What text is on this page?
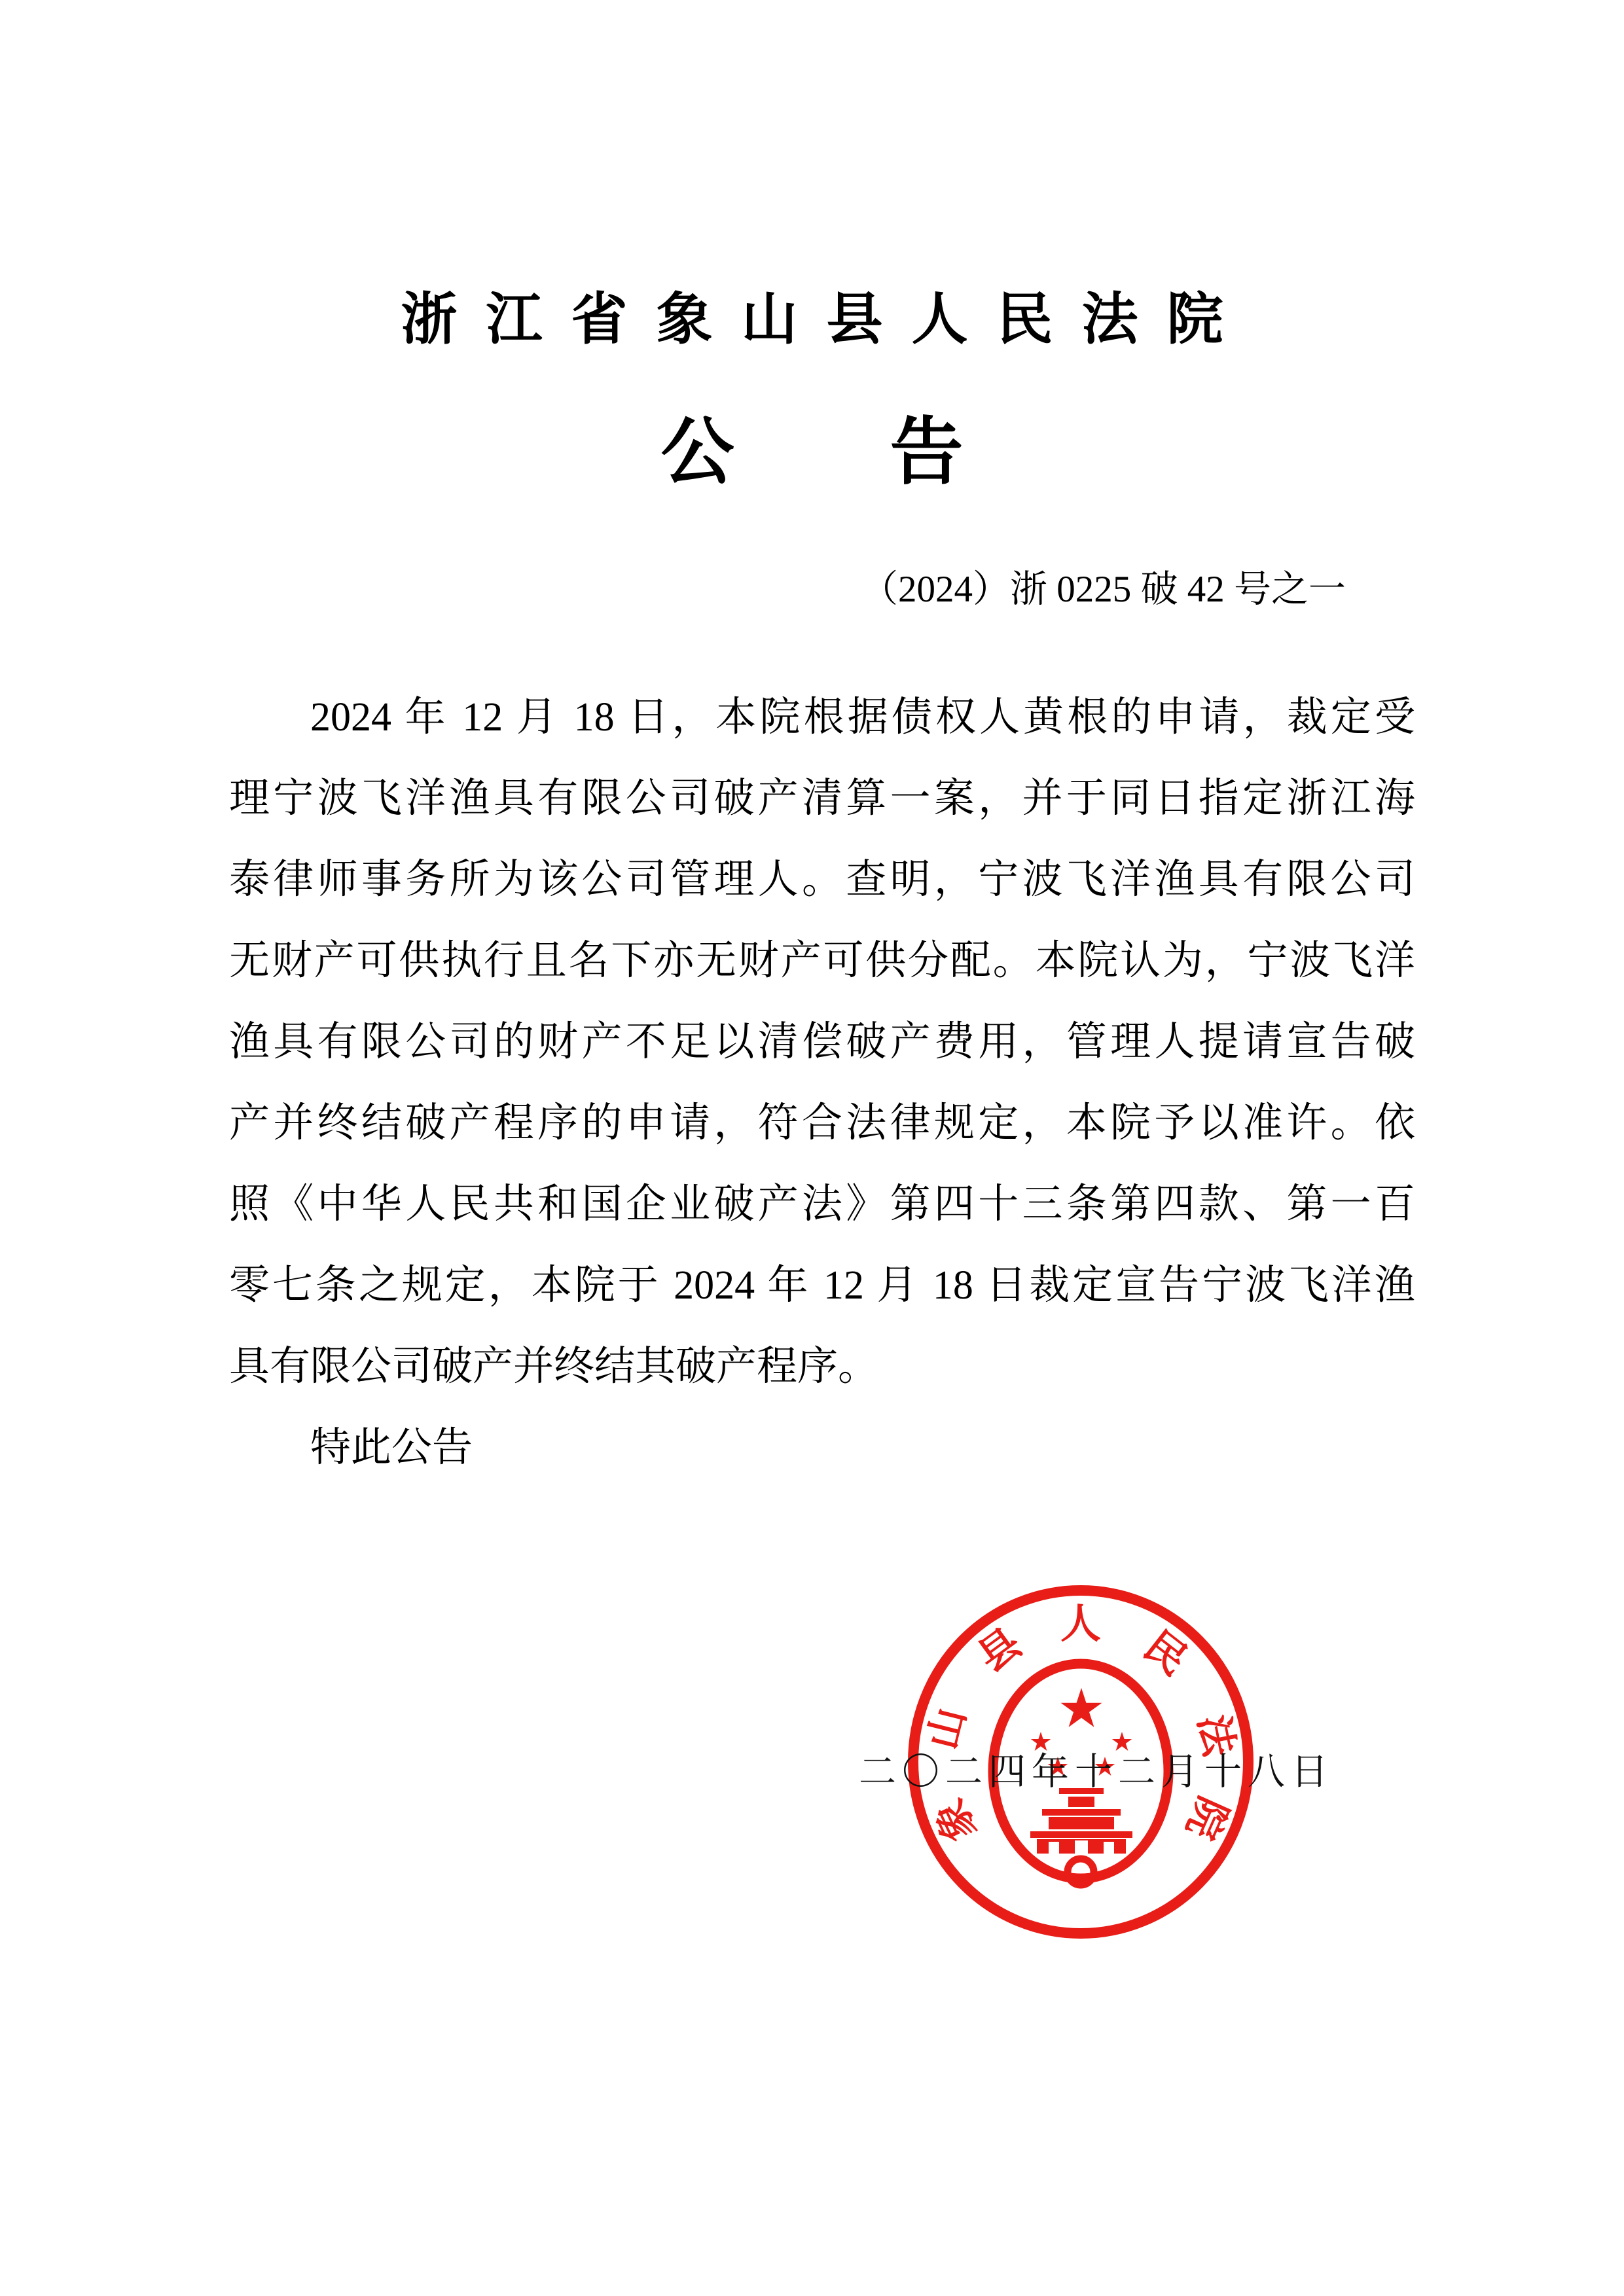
浙江省象山县人民法院
公 告
（2024）浙 0225 破 42 号之一
2024 年 12 月 18 日，本院根据债权人黄根的申请，裁定受
理宁波飞洋渔具有限公司破产清算一案，并于同日指定浙江海
泰律师事务所为该公司管理人。查明，宁波飞洋渔具有限公司
无财产可供执行且名下亦无财产可供分配。本院认为，宁波飞洋
渔具有限公司的财产不足以清偿破产费用，管理人提请宣告破
产并终结破产程序的申请，符合法律规定，本院予以准许。依
照《中华人民共和国企业破产法》第四十三条第四款、第一百
零七条之规定，本院于 2024 年 12 月 18 日裁定宣告宁波飞洋渔
具有限公司破产并终结其破产程序。
特此公告
象
山
县 人 民
法
院
二〇二四年十二月十八日
